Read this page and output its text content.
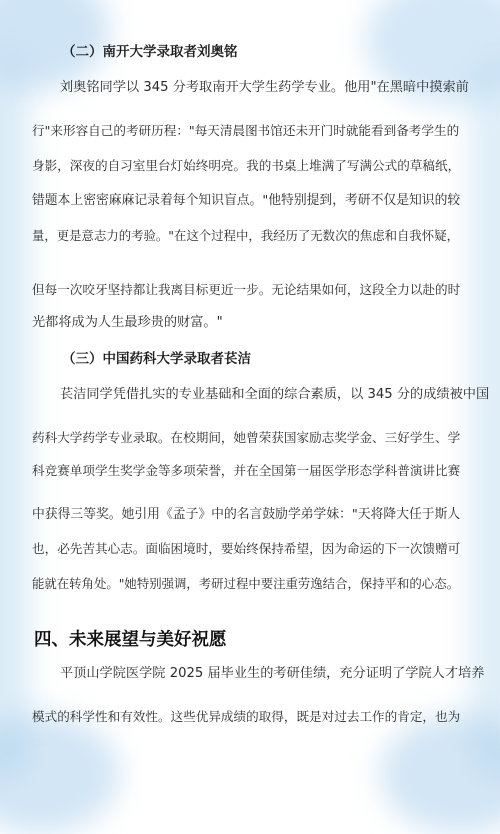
（二）南开大学录取者刘奥铭
刘奥铭同学以 345 分考取南开大学生药学专业。他用"在黑暗中摸索前
行"来形容自己的考研历程："每天清晨图书馆还未开门时就能看到备考学生的
身影，深夜的自习室里台灯始终明亮。我的书桌上堆满了写满公式的草稿纸，
错题本上密密麻麻记录着每个知识盲点。"他特别提到，考研不仅是知识的较
量，更是意志力的考验。"在这个过程中，我经历了无数次的焦虑和自我怀疑，
但每一次咬牙坚持都让我离目标更近一步。无论结果如何，这段全力以赴的时
光都将成为人生最珍贵的财富。"
（三）中国药科大学录取者苌洁
苌洁同学凭借扎实的专业基础和全面的综合素质，以 345 分的成绩被中国
药科大学药学专业录取。在校期间，她曾荣获国家励志奖学金、三好学生、学
科竞赛单项学生奖学金等多项荣誉，并在全国第一届医学形态学科普演讲比赛
中获得三等奖。她引用《孟子》中的名言鼓励学弟学妹："天将降大任于斯人
也，必先苦其心志。面临困境时，要始终保持希望，因为命运的下一次馈赠可
能就在转角处。"她特别强调，考研过程中要注重劳逸结合，保持平和的心态。
四、未来展望与美好祝愿
平顶山学院医学院 2025 届毕业生的考研佳绩，充分证明了学院人才培养
模式的科学性和有效性。这些优异成绩的取得，既是对过去工作的肯定，也为
